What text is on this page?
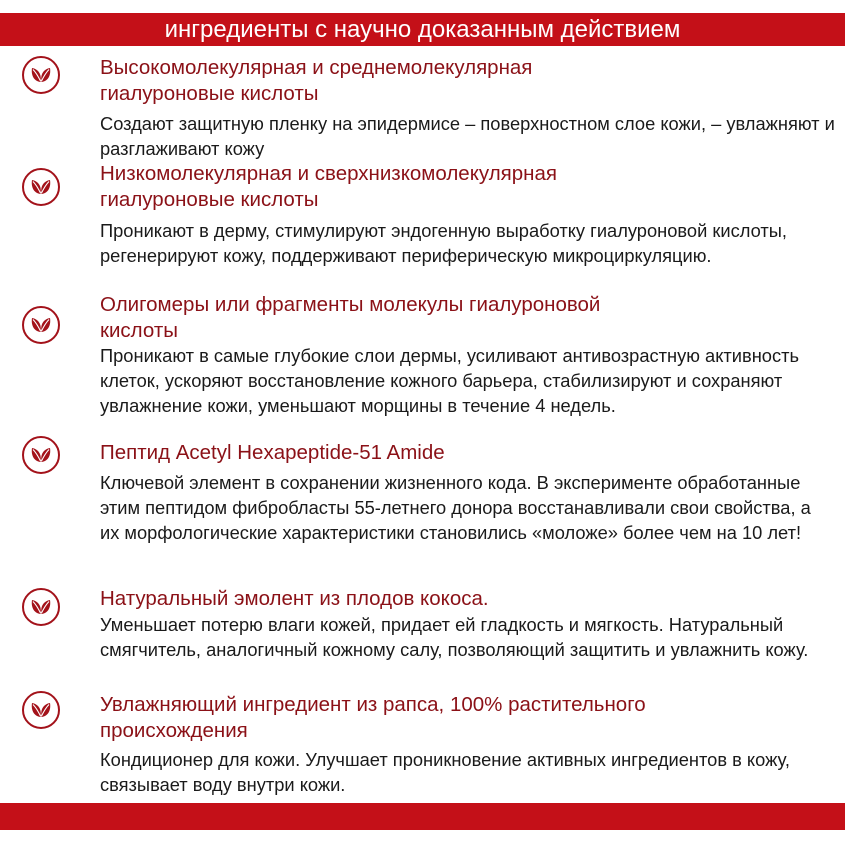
ингредиенты с научно доказанным действием

Высокомолекулярная и среднемолекулярная
гиалуроновые кислоты

Создают защитную пленку на эпидермисе – поверхностном слое кожи, – увлажняют и разглаживают кожу

Низкомолекулярная и сверхнизкомолекулярная
гиалуроновые кислоты

Проникают в дерму, стимулируют эндогенную выработку гиалуроновой кислоты, регенерируют кожу, поддерживают периферическую микроциркуляцию.

Олигомеры или фрагменты молекулы гиалуроновой
кислоты

Проникают в самые глубокие слои дермы, усиливают антивозрастную активность клеток, ускоряют восстановление кожного барьера, стабилизируют и сохраняют увлажнение кожи, уменьшают морщины в течение 4 недель.

Пептид Acetyl Hexapeptide-51 Amide

Ключевой элемент в сохранении жизненного кода. В эксперименте обработанные этим пептидом фибробласты 55-летнего донора восстанавливали свои свойства, а их морфологические характеристики становились «моложе» более чем на 10 лет!

Натуральный эмолент из плодов кокоса.

Уменьшает потерю влаги кожей, придает ей гладкость и мягкость. Натуральный смягчитель, аналогичный кожному салу, позволяющий защитить и увлажнить кожу.

Увлажняющий ингредиент из рапса, 100% растительного
происхождения

Кондиционер для кожи. Улучшает проникновение активных ингредиентов в кожу, связывает воду внутри кожи.
